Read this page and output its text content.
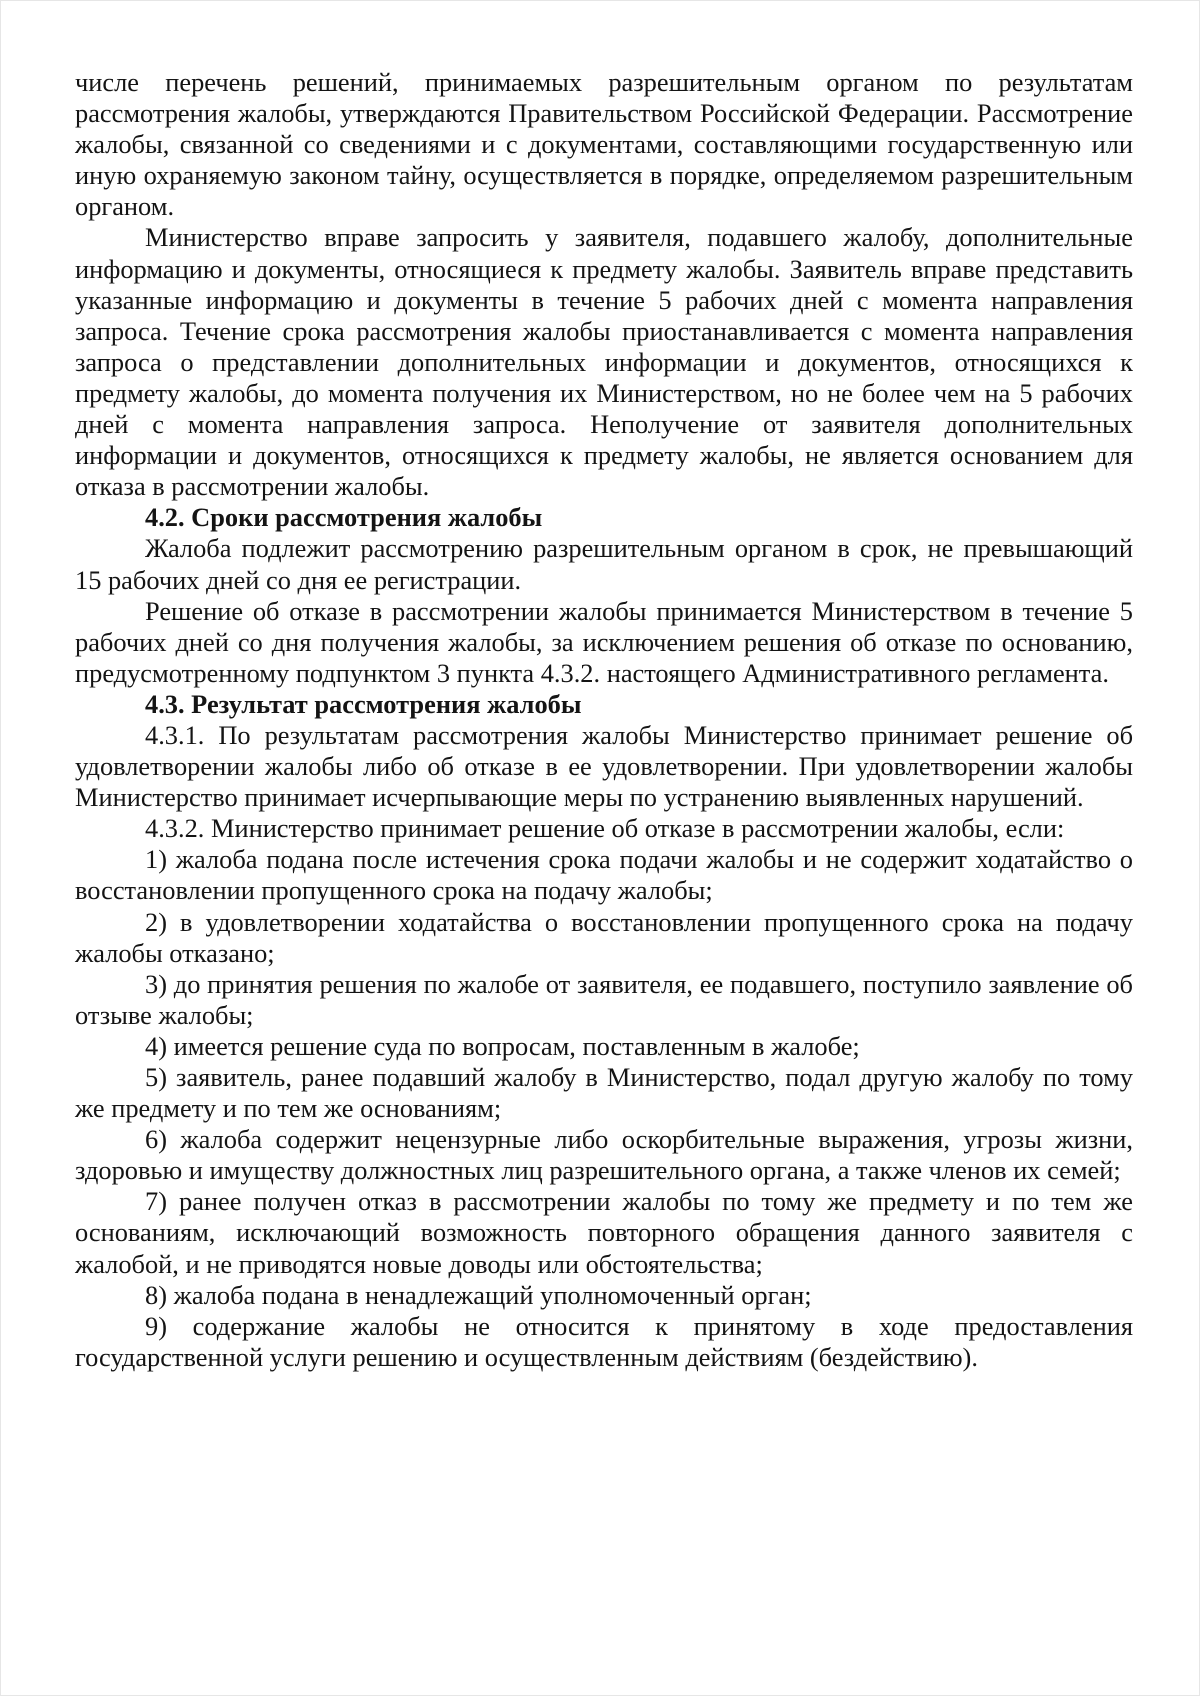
числе перечень решений, принимаемых разрешительным органом по результатам рассмотрения жалобы, утверждаются Правительством Российской Федерации. Рассмотрение жалобы, связанной со сведениями и с документами, составляющими государственную или иную охраняемую законом тайну, осуществляется в порядке, определяемом разрешительным органом.

Министерство вправе запросить у заявителя, подавшего жалобу, дополнительные информацию и документы, относящиеся к предмету жалобы. Заявитель вправе представить указанные информацию и документы в течение 5 рабочих дней с момента направления запроса. Течение срока рассмотрения жалобы приостанавливается с момента направления запроса о представлении дополнительных информации и документов, относящихся к предмету жалобы, до момента получения их Министерством, но не более чем на 5 рабочих дней с момента направления запроса. Неполучение от заявителя дополнительных информации и документов, относящихся к предмету жалобы, не является основанием для отказа в рассмотрении жалобы.

4.2. Сроки рассмотрения жалобы

Жалоба подлежит рассмотрению разрешительным органом в срок, не превышающий 15 рабочих дней со дня ее регистрации.

Решение об отказе в рассмотрении жалобы принимается Министерством в течение 5 рабочих дней со дня получения жалобы, за исключением решения об отказе по основанию, предусмотренному подпунктом 3 пункта 4.3.2. настоящего Административного регламента.

4.3. Результат рассмотрения жалобы

4.3.1. По результатам рассмотрения жалобы Министерство принимает решение об удовлетворении жалобы либо об отказе в ее удовлетворении. При удовлетворении жалобы Министерство принимает исчерпывающие меры по устранению выявленных нарушений.

4.3.2. Министерство принимает решение об отказе в рассмотрении жалобы, если:

1) жалоба подана после истечения срока подачи жалобы и не содержит ходатайство о восстановлении пропущенного срока на подачу жалобы;

2) в удовлетворении ходатайства о восстановлении пропущенного срока на подачу жалобы отказано;

3) до принятия решения по жалобе от заявителя, ее подавшего, поступило заявление об отзыве жалобы;

4) имеется решение суда по вопросам, поставленным в жалобе;

5) заявитель, ранее подавший жалобу в Министерство, подал другую жалобу по тому же предмету и по тем же основаниям;

6) жалоба содержит нецензурные либо оскорбительные выражения, угрозы жизни, здоровью и имуществу должностных лиц разрешительного органа, а также членов их семей;

7) ранее получен отказ в рассмотрении жалобы по тому же предмету и по тем же основаниям, исключающий возможность повторного обращения данного заявителя с жалобой, и не приводятся новые доводы или обстоятельства;

8) жалоба подана в ненадлежащий уполномоченный орган;

9) содержание жалобы не относится к принятому в ходе предоставления государственной услуги решению и осуществленным действиям (бездействию).
